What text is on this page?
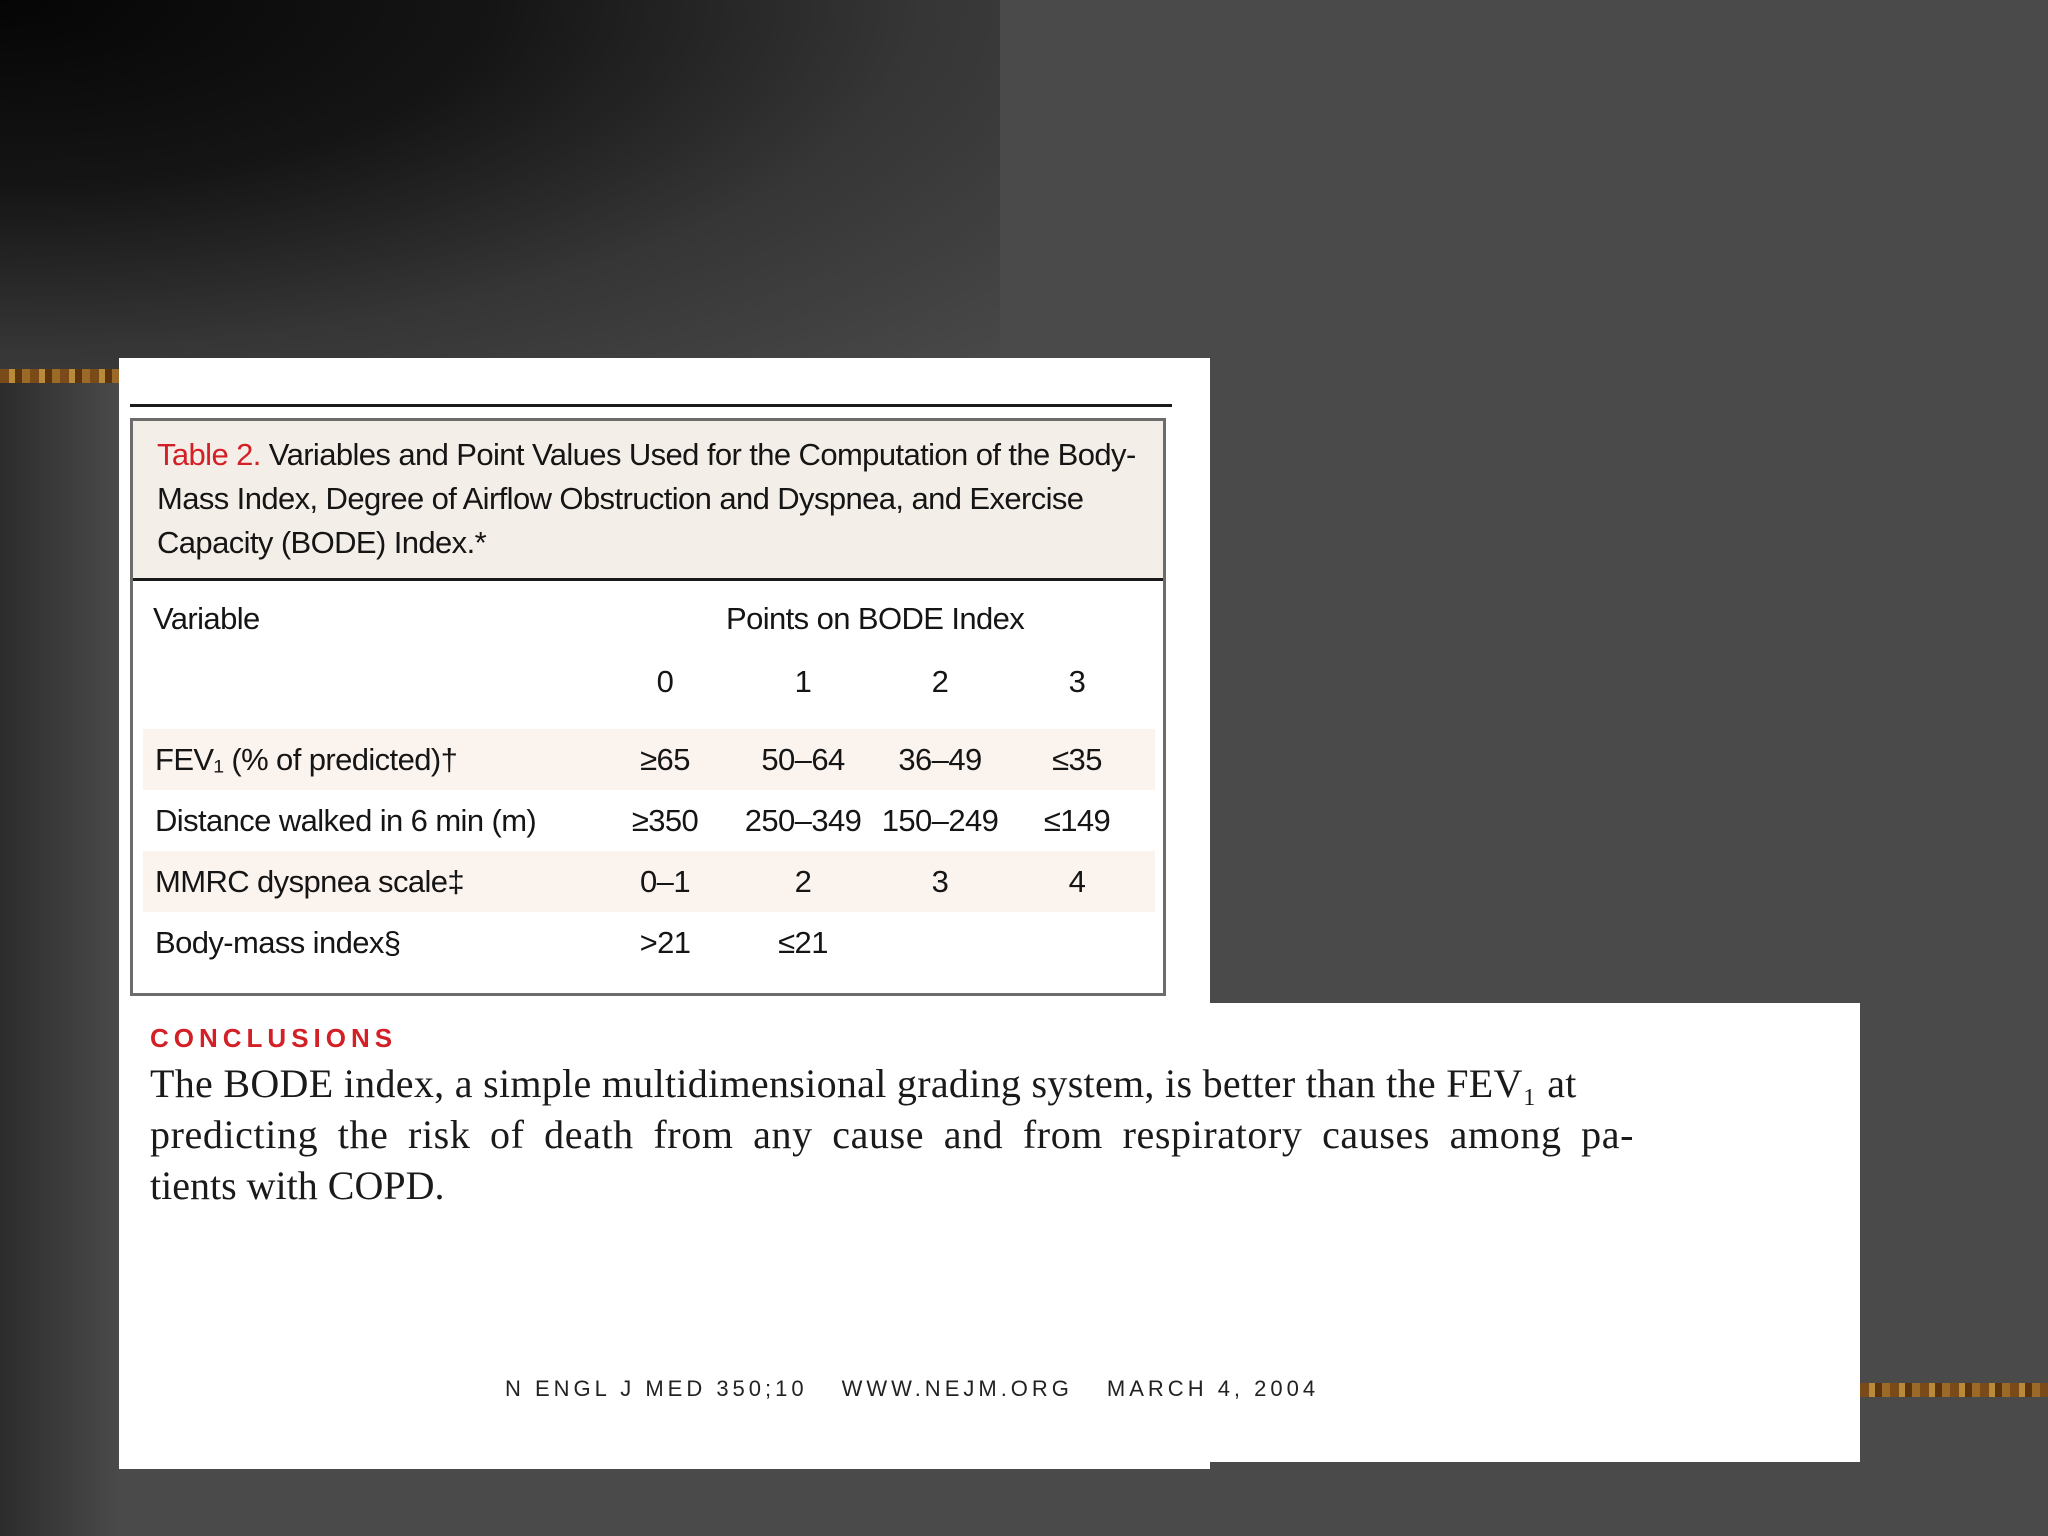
Table 2. Variables and Point Values Used for the Computation of the Body-Mass Index, Degree of Airflow Obstruction and Dyspnea, and Exercise Capacity (BODE) Index.*
Variable	Points on BODE Index
0	1	2	3
FEV₁ (% of predicted)†	≥65	50–64	36–49	≤35
Distance walked in 6 min (m)	≥350	250–349 150–249	≤149
MMRC dyspnea scale‡	0–1	2	3	4
Body-mass index§	>21	≤21
CONCLUSIONS
The BODE index, a simple multidimensional grading system, is better than the FEV₁ at
predicting the risk of death from any cause and from respiratory causes among pa-
tients with COPD.
N ENGL J MED 350;10 WWW.NEJM.ORG MARCH 4, 2004
